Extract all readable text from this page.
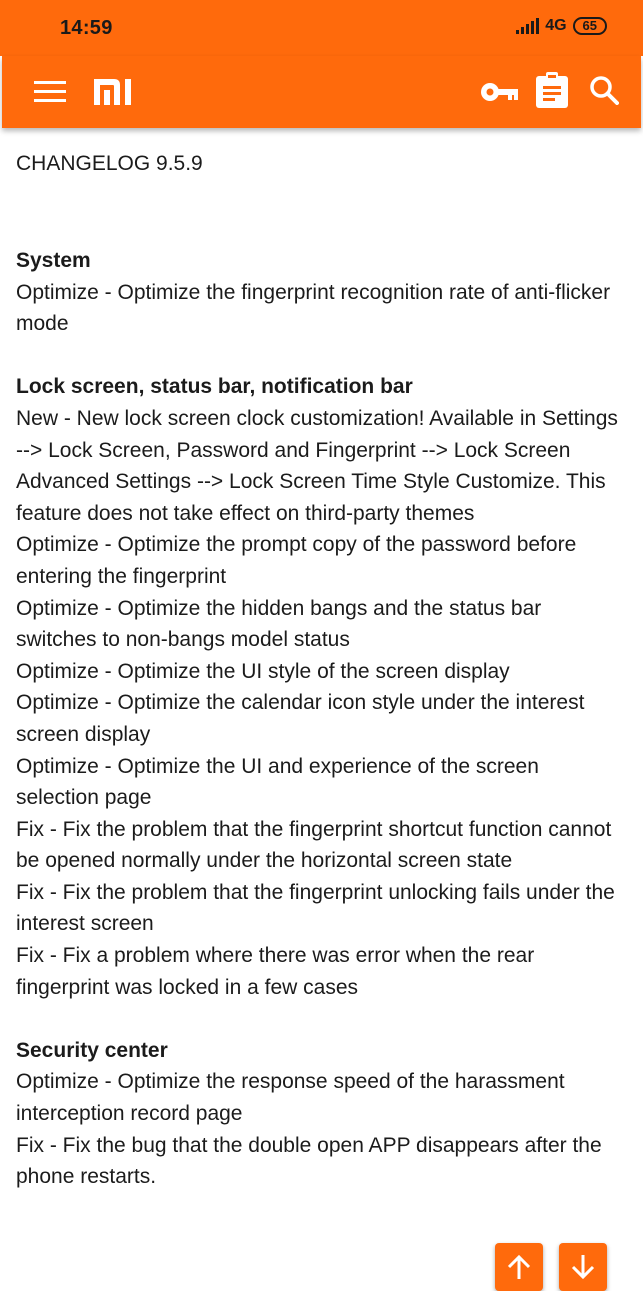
14:59	4G	65
CHANGELOG 9.5.9
System
Optimize - Optimize the fingerprint recognition rate of anti-flicker mode
Lock screen, status bar, notification bar
New - New lock screen clock customization! Available in Settings --> Lock Screen, Password and Fingerprint --> Lock Screen Advanced Settings --> Lock Screen Time Style Customize. This feature does not take effect on third-party themes
Optimize - Optimize the prompt copy of the password before entering the fingerprint
Optimize - Optimize the hidden bangs and the status bar switches to non-bangs model status
Optimize - Optimize the UI style of the screen display
Optimize - Optimize the calendar icon style under the interest screen display
Optimize - Optimize the UI and experience of the screen selection page
Fix - Fix the problem that the fingerprint shortcut function cannot be opened normally under the horizontal screen state
Fix - Fix the problem that the fingerprint unlocking fails under the interest screen
Fix - Fix a problem where there was error when the rear fingerprint was locked in a few cases
Security center
Optimize - Optimize the response speed of the harassment interception record page
Fix - Fix the bug that the double open APP disappears after the phone restarts.
